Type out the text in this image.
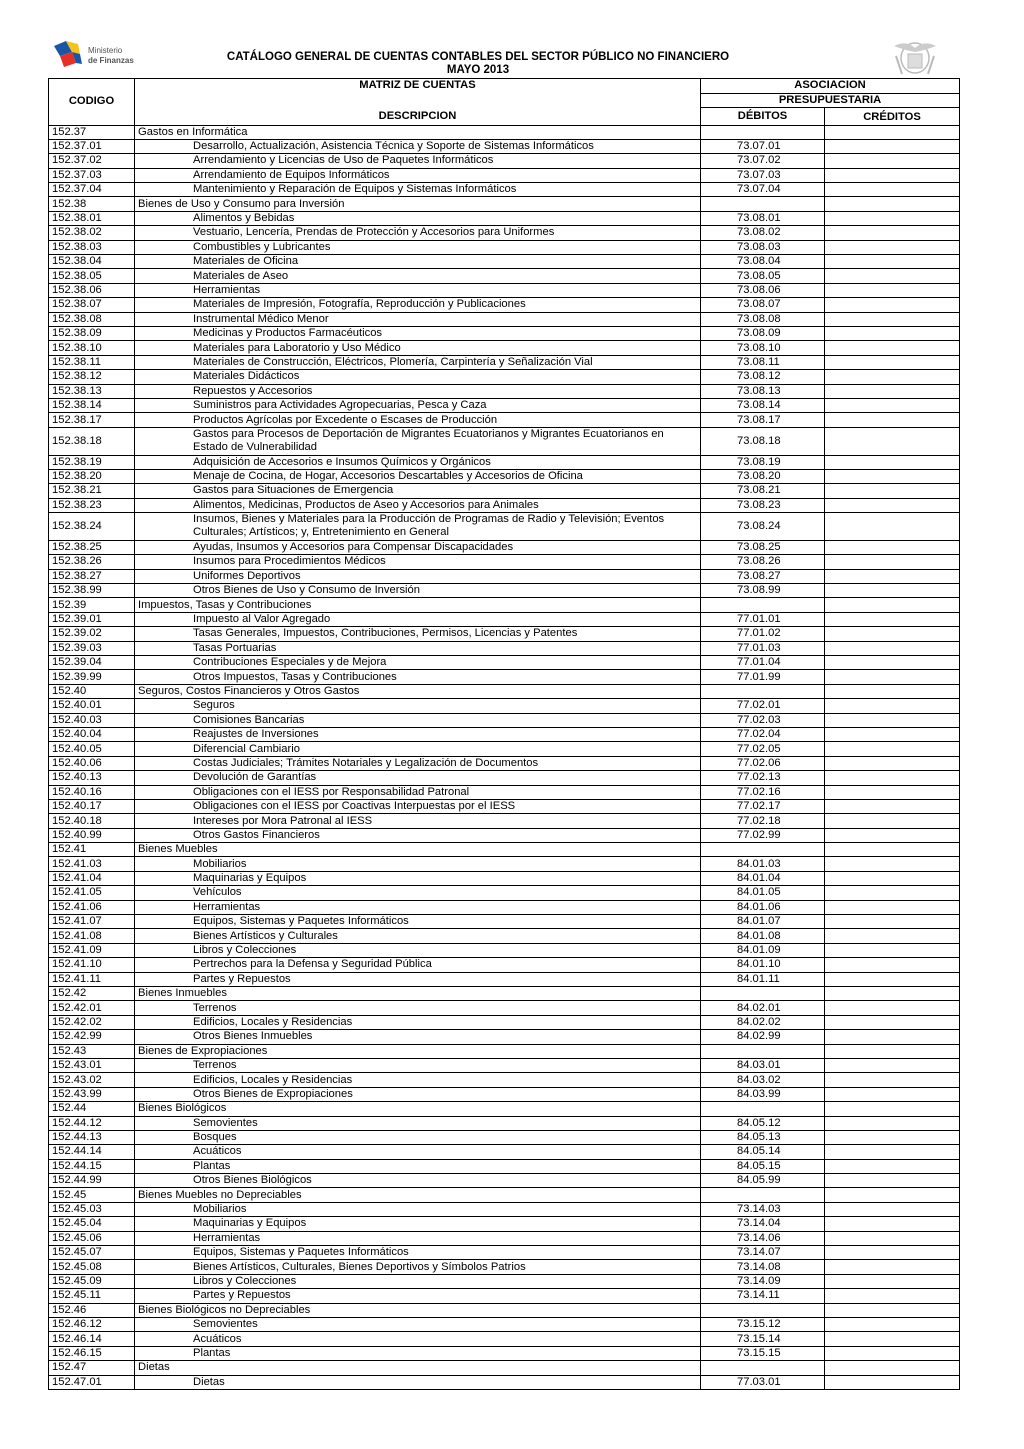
Ministerio
de Finanzas	CATÁLOGO GENERAL DE CUENTAS CONTABLES DEL SECTOR PÚBLICO NO FINANCIERO
MAYO 2013
CODIGO	MATRIZ DE CUENTAS	ASOCIACION	
		PRESUPUESTARIA	
	DESCRIPCION	DÉBITOS	CRÉDITOS
152.37	Gastos en Informática		
152.37.01	Desarrollo, Actualización, Asistencia Técnica y Soporte de Sistemas Informáticos	73.07.01	
152.37.02	Arrendamiento y Licencias de Uso de Paquetes Informáticos	73.07.02	
152.37.03	Arrendamiento de Equipos Informáticos	73.07.03	
152.37.04	Mantenimiento y Reparación de Equipos y Sistemas Informáticos	73.07.04	
152.38	Bienes de Uso y Consumo para Inversión		
152.38.01	Alimentos y Bebidas	73.08.01	
152.38.02	Vestuario, Lencería, Prendas de Protección y Accesorios para Uniformes	73.08.02	
152.38.03	Combustibles y Lubricantes	73.08.03	
152.38.04	Materiales de Oficina	73.08.04	
152.38.05	Materiales de Aseo	73.08.05	
152.38.06	Herramientas	73.08.06	
152.38.07	Materiales de Impresión, Fotografía, Reproducción y Publicaciones	73.08.07	
152.38.08	Instrumental Médico Menor	73.08.08	
152.38.09	Medicinas y Productos Farmacéuticos	73.08.09	
152.38.10	Materiales para Laboratorio y Uso Médico	73.08.10	
152.38.11	Materiales de Construcción, Eléctricos, Plomería, Carpintería y Señalización Vial	73.08.11	
152.38.12	Materiales Didácticos	73.08.12	
152.38.13	Repuestos y Accesorios	73.08.13	
152.38.14	Suministros para Actividades Agropecuarias, Pesca y Caza	73.08.14	
152.38.17	Productos Agrícolas por Excedente o Escases de Producción	73.08.17	
152.38.18	Gastos para Procesos de Deportación de Migrantes Ecuatorianos y Migrantes Ecuatorianos en Estado de Vulnerabilidad	73.08.18	
152.38.19	Adquisición de Accesorios e Insumos Químicos y Orgánicos	73.08.19	
152.38.20	Menaje de Cocina, de Hogar, Accesorios Descartables y Accesorios de Oficina	73.08.20	
152.38.21	Gastos para Situaciones de Emergencia	73.08.21	
152.38.23	Alimentos, Medicinas, Productos de Aseo y Accesorios para Animales	73.08.23	
152.38.24	Insumos, Bienes y Materiales para la Producción de Programas de Radio y Televisión; Eventos Culturales; Artísticos; y, Entretenimiento en General	73.08.24	
152.38.25	Ayudas, Insumos y Accesorios para Compensar Discapacidades	73.08.25	
152.38.26	Insumos para Procedimientos Médicos	73.08.26	
152.38.27	Uniformes Deportivos	73.08.27	
152.38.99	Otros Bienes de Uso y Consumo de Inversión	73.08.99	
152.39	Impuestos, Tasas y Contribuciones		
152.39.01	Impuesto al Valor Agregado	77.01.01	
152.39.02	Tasas Generales, Impuestos, Contribuciones, Permisos, Licencias y Patentes	77.01.02	
152.39.03	Tasas Portuarias	77.01.03	
152.39.04	Contribuciones Especiales y de Mejora	77.01.04	
152.39.99	Otros Impuestos, Tasas y Contribuciones	77.01.99	
152.40	Seguros, Costos Financieros y Otros Gastos		
152.40.01	Seguros	77.02.01	
152.40.03	Comisiones Bancarias	77.02.03	
152.40.04	Reajustes de Inversiones	77.02.04	
152.40.05	Diferencial Cambiario	77.02.05	
152.40.06	Costas Judiciales; Trámites Notariales y Legalización de Documentos	77.02.06	
152.40.13	Devolución de Garantías	77.02.13	
152.40.16	Obligaciones con el IESS por Responsabilidad Patronal	77.02.16	
152.40.17	Obligaciones con el IESS por Coactivas Interpuestas por el IESS	77.02.17	
152.40.18	Intereses por Mora Patronal al IESS	77.02.18	
152.40.99	Otros Gastos Financieros	77.02.99	
152.41	Bienes Muebles		
152.41.03	Mobiliarios	84.01.03	
152.41.04	Maquinarias y Equipos	84.01.04	
152.41.05	Vehículos	84.01.05	
152.41.06	Herramientas	84.01.06	
152.41.07	Equipos, Sistemas y Paquetes Informáticos	84.01.07	
152.41.08	Bienes Artísticos y Culturales	84.01.08	
152.41.09	Libros y Colecciones	84.01.09	
152.41.10	Pertrechos para la Defensa y Seguridad Pública	84.01.10	
152.41.11	Partes y Repuestos	84.01.11	
152.42	Bienes Inmuebles		
152.42.01	Terrenos	84.02.01	
152.42.02	Edificios, Locales y Residencias	84.02.02	
152.42.99	Otros Bienes Inmuebles	84.02.99	
152.43	Bienes de Expropiaciones		
152.43.01	Terrenos	84.03.01	
152.43.02	Edificios, Locales y Residencias	84.03.02	
152.43.99	Otros Bienes de Expropiaciones	84.03.99	
152.44	Bienes Biológicos		
152.44.12	Semovientes	84.05.12	
152.44.13	Bosques	84.05.13	
152.44.14	Acuáticos	84.05.14	
152.44.15	Plantas	84.05.15	
152.44.99	Otros Bienes Biológicos	84.05.99	
152.45	Bienes Muebles no Depreciables		
152.45.03	Mobiliarios	73.14.03	
152.45.04	Maquinarias y Equipos	73.14.04	
152.45.06	Herramientas	73.14.06	
152.45.07	Equipos, Sistemas y Paquetes Informáticos	73.14.07	
152.45.08	Bienes Artísticos, Culturales, Bienes Deportivos y Símbolos Patrios	73.14.08	
152.45.09	Libros y Colecciones	73.14.09	
152.45.11	Partes y Repuestos	73.14.11	
152.46	Bienes Biológicos no Depreciables		
152.46.12	Semovientes	73.15.12	
152.46.14	Acuáticos	73.15.14	
152.46.15	Plantas	73.15.15	
152.47	Dietas		
152.47.01	Dietas	77.03.01	
